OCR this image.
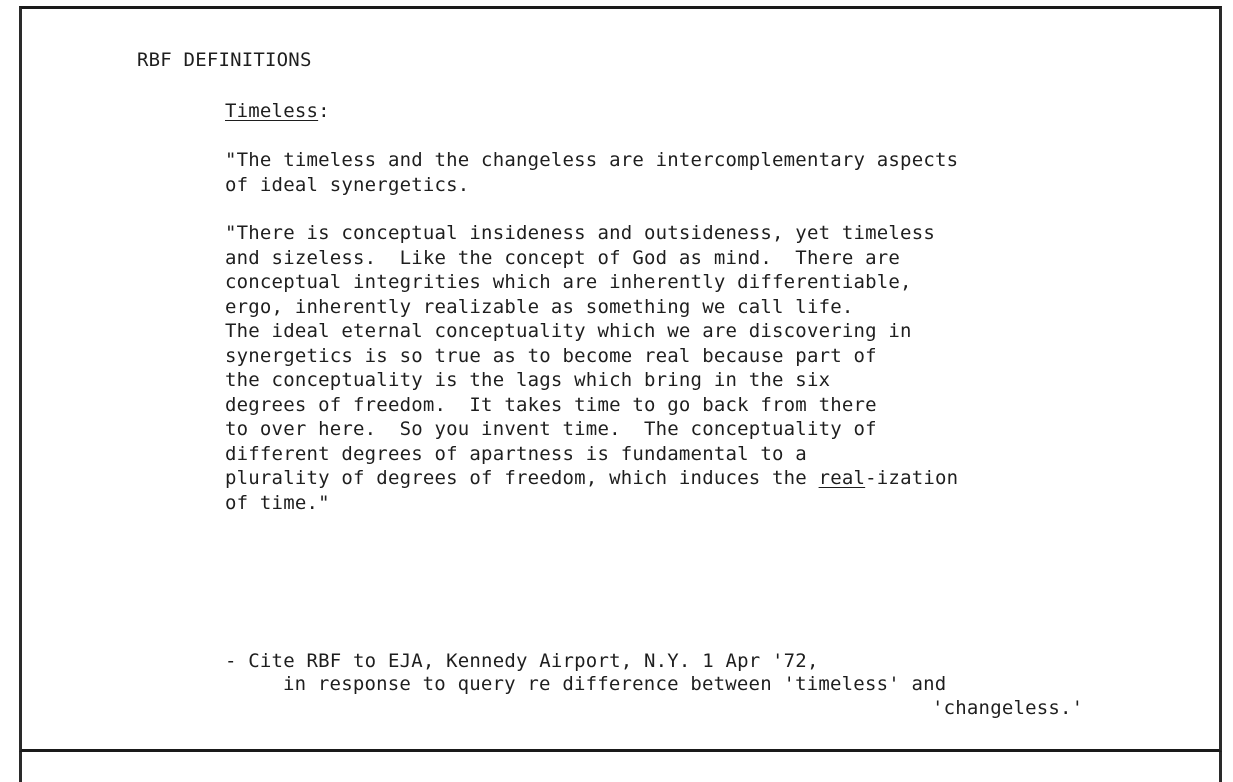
RBF DEFINITIONS
Timeless:
"The timeless and the changeless are intercomplementary aspects
of ideal synergetics.
"There is conceptual insideness and outsideness, yet timeless
and sizeless.  Like the concept of God as mind.  There are
conceptual integrities which are inherently differentiable,
ergo, inherently realizable as something we call life.
The ideal eternal conceptuality which we are discovering in
synergetics is so true as to become real because part of
the conceptuality is the lags which bring in the six
degrees of freedom.  It takes time to go back from there
to over here.  So you invent time.  The conceptuality of
different degrees of apartness is fundamental to a
plurality of degrees of freedom, which induces the real-ization
of time."
- Cite RBF to EJA, Kennedy Airport, N.Y. 1 Apr '72,
in response to query re difference between 'timeless' and
'changeless.'
